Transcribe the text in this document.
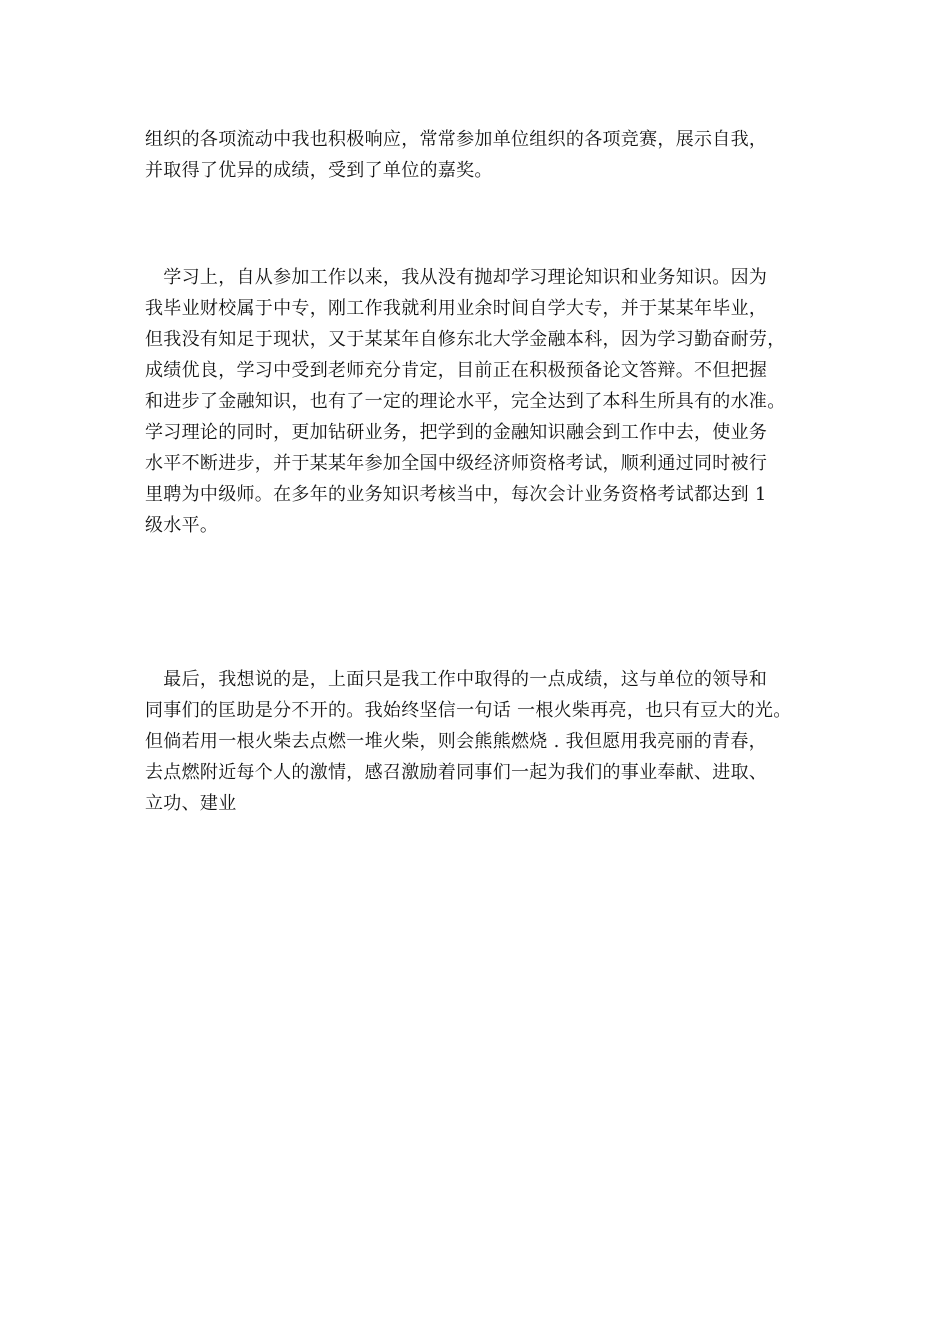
组织的各项流动中我也积极响应，常常参加单位组织的各项竞赛，展示自我，
并取得了优异的成绩，受到了单位的嘉奖。
　学习上，自从参加工作以来，我从没有抛却学习理论知识和业务知识。因为
我毕业财校属于中专，刚工作我就利用业余时间自学大专，并于某某年毕业，
但我没有知足于现状，又于某某年自修东北大学金融本科，因为学习勤奋耐劳，
成绩优良，学习中受到老师充分肯定，目前正在积极预备论文答辩。不但把握
和进步了金融知识，也有了一定的理论水平，完全达到了本科生所具有的水准。
学习理论的同时，更加钻研业务，把学到的金融知识融会到工作中去，使业务
水平不断进步，并于某某年参加全国中级经济师资格考试，顺利通过同时被行
里聘为中级师。在多年的业务知识考核当中，每次会计业务资格考试都达到 1
级水平。
　最后，我想说的是，上面只是我工作中取得的一点成绩，这与单位的领导和
同事们的匡助是分不开的。我始终坚信一句话 一根火柴再亮，也只有豆大的光。
但倘若用一根火柴去点燃一堆火柴，则会熊熊燃烧 . 我但愿用我亮丽的青春，
去点燃附近每个人的激情，感召激励着同事们一起为我们的事业奉献、进取、
立功、建业
